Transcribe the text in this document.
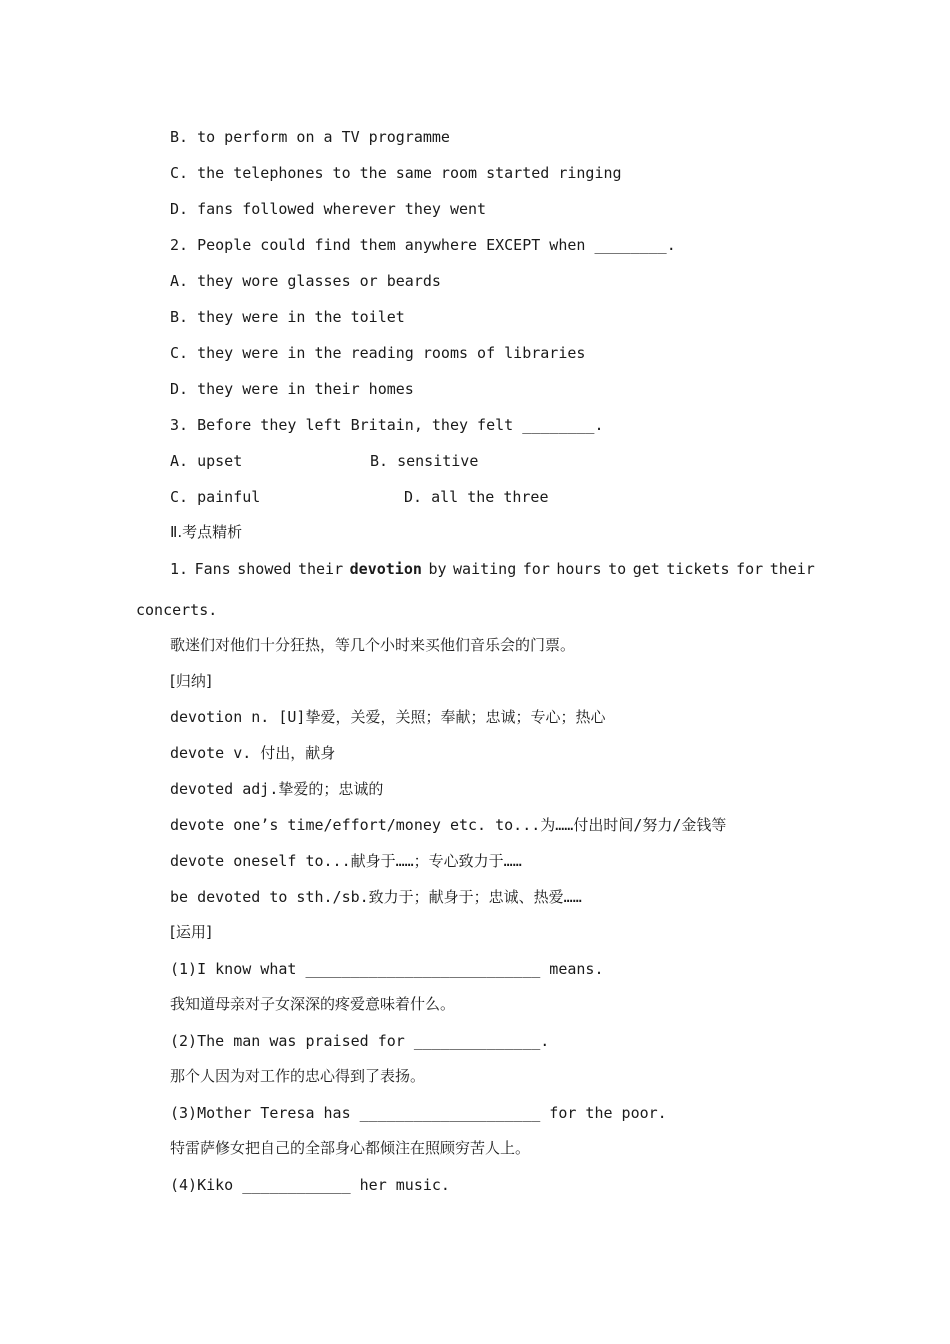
B. to perform on a TV programme
C. the telephones to the same room started ringing
D. fans followed wherever they went
2. People could find them anywhere EXCEPT when ________.
A. they wore glasses or beards
B. they were in the toilet
C. they were in the reading rooms of libraries
D. they were in their homes
3. Before they left Britain, they felt ________.
A. upset	B. sensitive
C. painful	D. all the three
Ⅱ.考点精析
1. Fans showed their devotion by waiting for hours to get tickets for their
concerts.
歌迷们对他们十分狂热，等几个小时来买他们音乐会的门票。
[归纳]
devotion n. [U]挚爱，关爱，关照；奉献；忠诚；专心；热心
devote v. 付出，献身
devoted adj.挚爱的；忠诚的
devote one’s time/effort/money etc. to...为……付出时间/努力/金钱等
devote oneself to...献身于……；专心致力于……
be devoted to sth./sb.致力于；献身于；忠诚、热爱……
[运用]
(1)I know what __________________________ means.
我知道母亲对子女深深的疼爱意味着什么。
(2)The man was praised for ______________.
那个人因为对工作的忠心得到了表扬。
(3)Mother Teresa has ____________________ for the poor.
特雷萨修女把自己的全部身心都倾注在照顾穷苦人上。
(4)Kiko ____________ her music.
